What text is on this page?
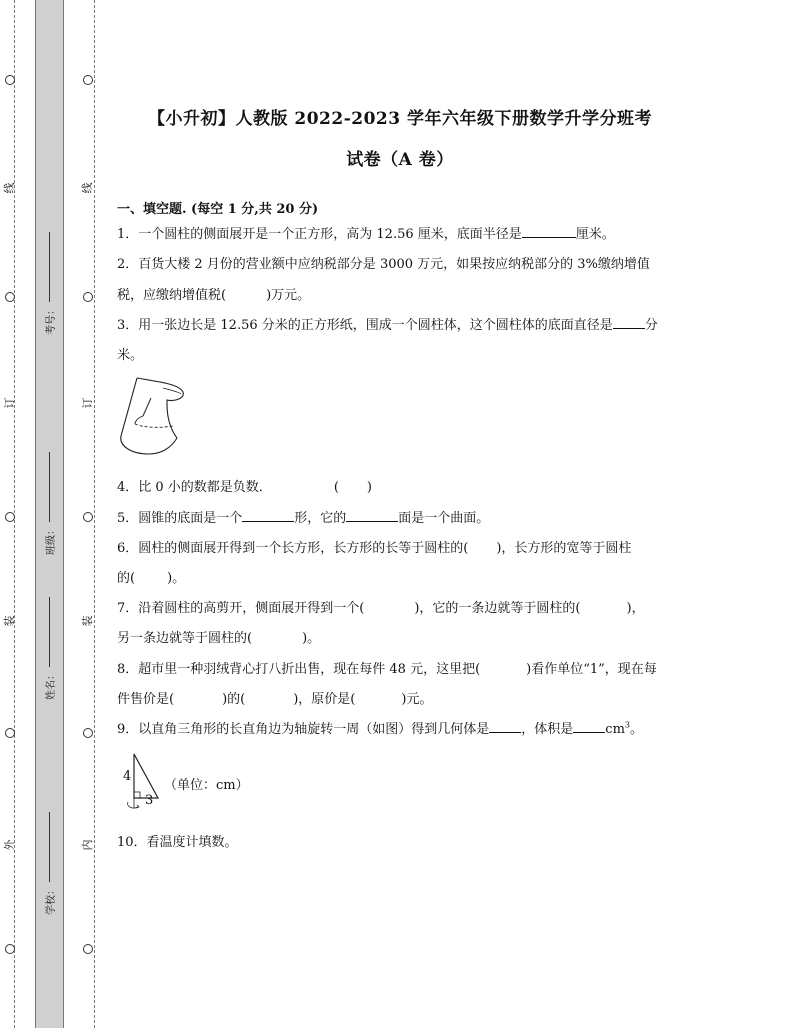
线
订
装
外
线
订
装
内
考号：
班级：
姓名：
学校：
【小升初】人教版 2022-2023 学年六年级下册数学升学分班考
试卷（A 卷）
一、填空题. (每空 1 分,共 20 分)
1．一个圆柱的侧面展开是一个正方形，高为 12.56 厘米，底面半径是	厘米。
2．百货大楼 2 月份的营业额中应纳税部分是 3000 万元，如果按应纳税部分的 3%缴纳增值
税，应缴纳增值税(	)万元。
3．用一张边长是 12.56 分米的正方形纸，围成一个圆柱体，这个圆柱体的底面直径是 分
米。
4．比 0 小的数都是负数．	( )
5．圆锥的底面是一个	形，它的	面是一个曲面。
6．圆柱的侧面展开得到一个长方形，长方形的长等于圆柱的( )，长方形的宽等于圆柱
的( )。
7．沿着圆柱的高剪开，侧面展开得到一个(	)，它的一条边就等于圆柱的(	)，
另一条边就等于圆柱的(	)。
8．超市里一种羽绒背心打八折出售，现在每件 48 元，这里把(	)看作单位“1”，现在每
件售价是(	)的(	)，原价是(	)元。
9．以直角三角形的长直角边为轴旋转一周（如图）得到几何体是 ，体积是 $cm^3$。
4
3
（单位：cm）
10．看温度计填数。
